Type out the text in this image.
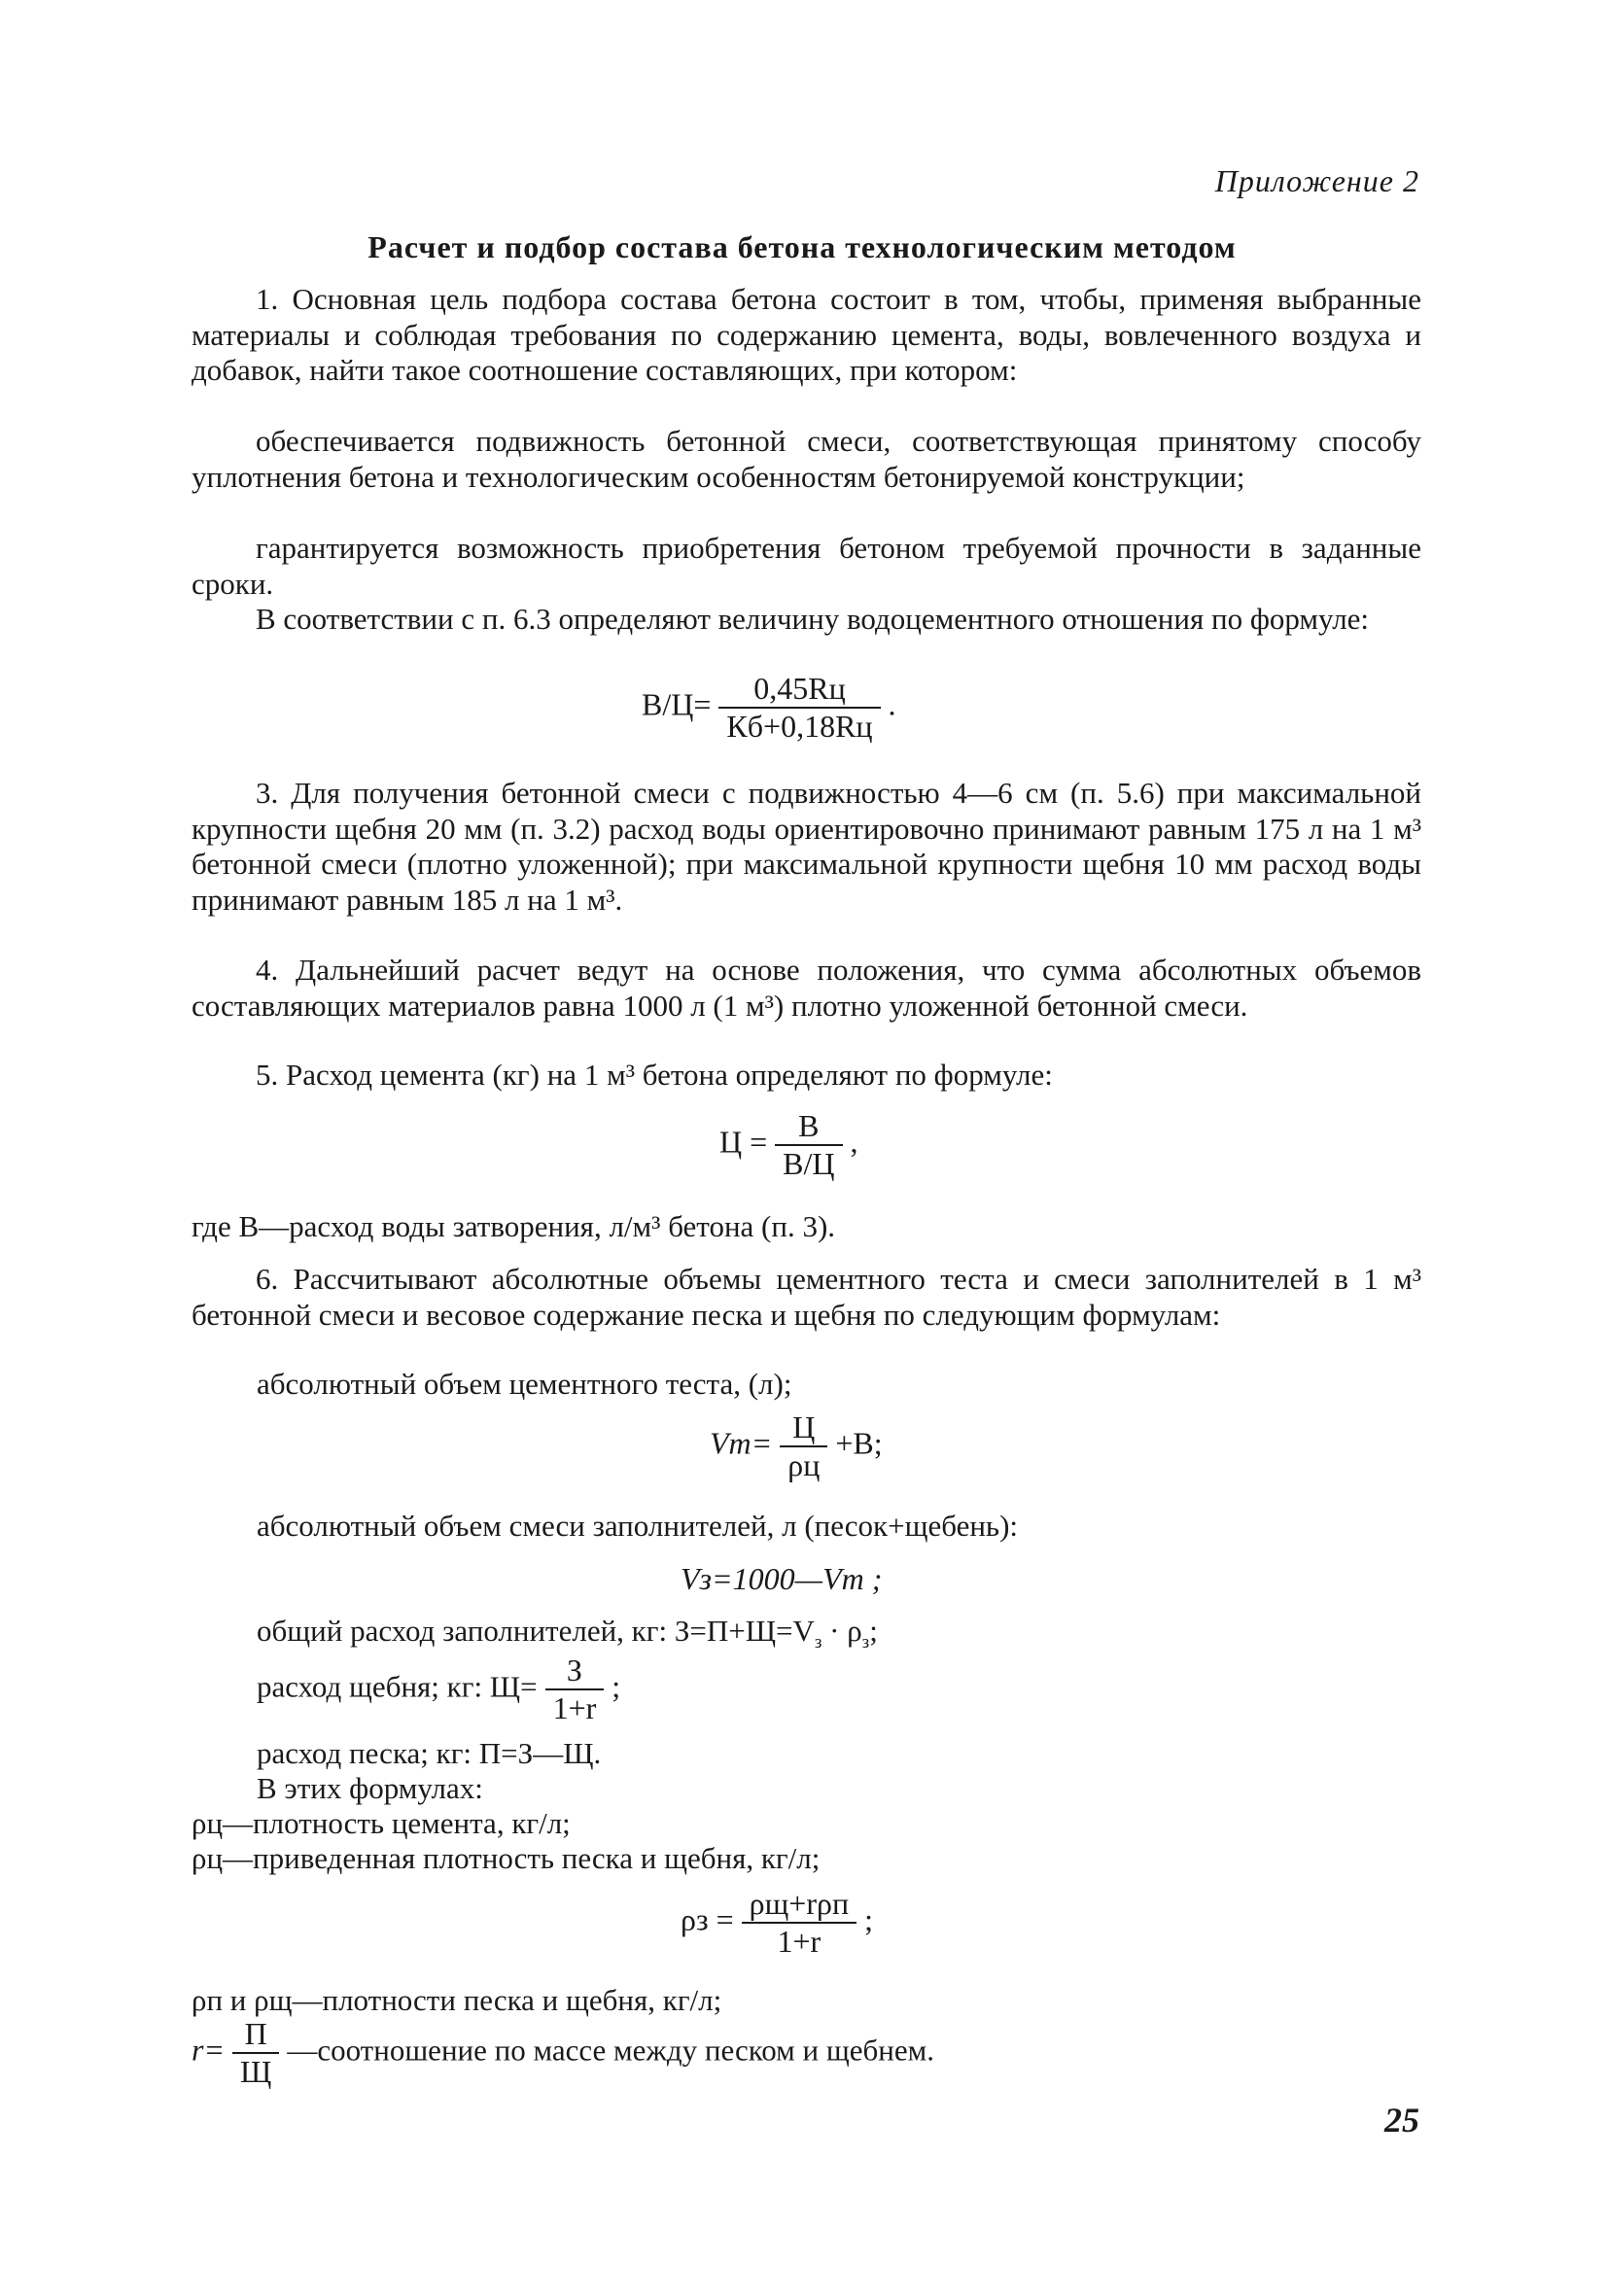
Приложение 2
Расчет и подбор состава бетона технологическим методом
1. Основная цель подбора состава бетона состоит в том, чтобы, применяя выбранные материалы и соблюдая требования по содержанию цемента, воды, вовлеченного воздуха и добавок, найти такое соотношение составляющих, при котором:
обеспечивается подвижность бетонной смеси, соответствующая принятому способу уплотнения бетона и технологическим особенностям бетонируемой конструкции;
гарантируется возможность приобретения бетоном требуемой прочности в заданные сроки.
В соответствии с п. 6.3 определяют величину водоцементного отношения по формуле:
$В/Ц= \frac{0,45Rц}{Кб+0,18Rц}$ .
3. Для получения бетонной смеси с подвижностью 4—6 см (п. 5.6) при максимальной крупности щебня 20 мм (п. 3.2) расход воды ориентировочно принимают равным 175 л на 1 м³ бетонной смеси (плотно уложенной); при максимальной крупности щебня 10 мм расход воды принимают равным 185 л на 1 м³.
4. Дальнейший расчет ведут на основе положения, что сумма абсолютных объемов составляющих материалов равна 1000 л (1 м³) плотно уложенной бетонной смеси.
5. Расход цемента (кг) на 1 м³ бетона определяют по формуле:
$Ц = \frac{В}{В/Ц}$ ,
где В—расход воды затворения, л/м³ бетона (п. 3).
6. Рассчитывают абсолютные объемы цементного теста и смеси заполнителей в 1 м³ бетонной смеси и весовое содержание песка и щебня по следующим формулам:
абсолютный объем цементного теста, (л);
$Vm= \frac{Ц}{\rho ц} +В$;
абсолютный объем смеси заполнителей, л (песок+щебень):
Vз=1000—Vm ;
общий расход заполнителей, кг: $З=П+Щ=V_з \cdot \rho_з$;
расход щебня; кг: $Щ= \frac{З}{1+r}$ ;
расход песка; кг: П=З—Щ.
В этих формулах:
ρц—плотность цемента, кг/л;
ρц—приведенная плотность песка и щебня, кг/л;
$\rho з = \frac{\text{ρщ+rρп}}{1+r}$ ;
ρп и ρщ—плотности песка и щебня, кг/л;
$r= \frac{П}{Щ}$ —соотношение по массе между песком и щебнем.
25
